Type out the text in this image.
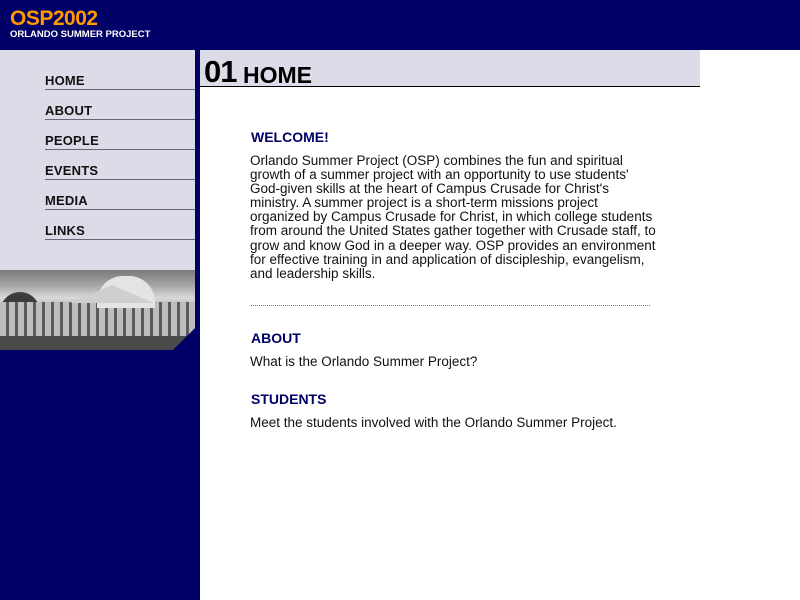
OSP2002
ORLANDO SUMMER PROJECT
HOME
ABOUT
PEOPLE
EVENTS
MEDIA
LINKS
01 HOME
WELCOME!
Orlando Summer Project (OSP) combines the fun and spiritual growth of a summer project with an opportunity to use students' God-given skills at the heart of Campus Crusade for Christ's ministry. A summer project is a short-term missions project organized by Campus Crusade for Christ, in which college students from around the United States gather together with Crusade staff, to grow and know God in a deeper way. OSP provides an environment for effective training in and application of discipleship, evangelism, and leadership skills.
ABOUT
What is the Orlando Summer Project?
STUDENTS
Meet the students involved with the Orlando Summer Project.
